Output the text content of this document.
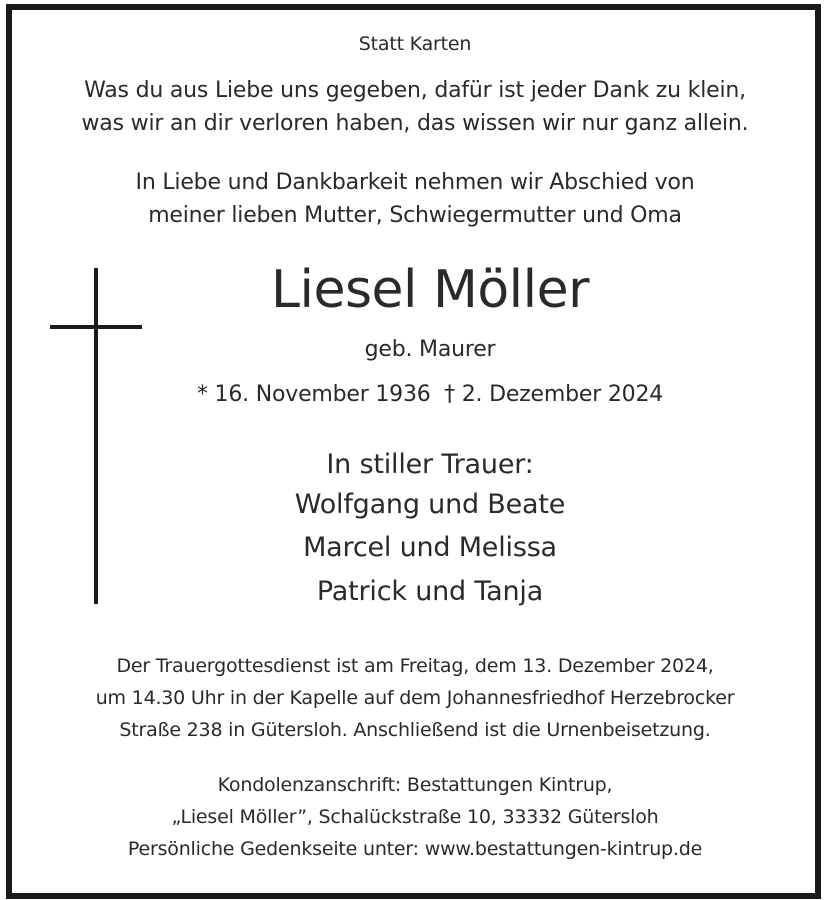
Statt Karten
Was du aus Liebe uns gegeben, dafür ist jeder Dank zu klein,
was wir an dir verloren haben, das wissen wir nur ganz allein.
In Liebe und Dankbarkeit nehmen wir Abschied von
meiner lieben Mutter, Schwiegermutter und Oma
Liesel Möller
geb. Maurer
* 16. November 1936  † 2. Dezember 2024
In stiller Trauer:
Wolfgang und Beate
Marcel und Melissa
Patrick und Tanja
Der Trauergottesdienst ist am Freitag, dem 13. Dezember 2024,
um 14.30 Uhr in der Kapelle auf dem Johannesfriedhof Herzebrocker
Straße 238 in Gütersloh. Anschließend ist die Urnenbeisetzung.
Kondolenzanschrift: Bestattungen Kintrup,
„Liesel Möller”, Schalückstraße 10, 33332 Gütersloh
Persönliche Gedenkseite unter: www.bestattungen-kintrup.de
